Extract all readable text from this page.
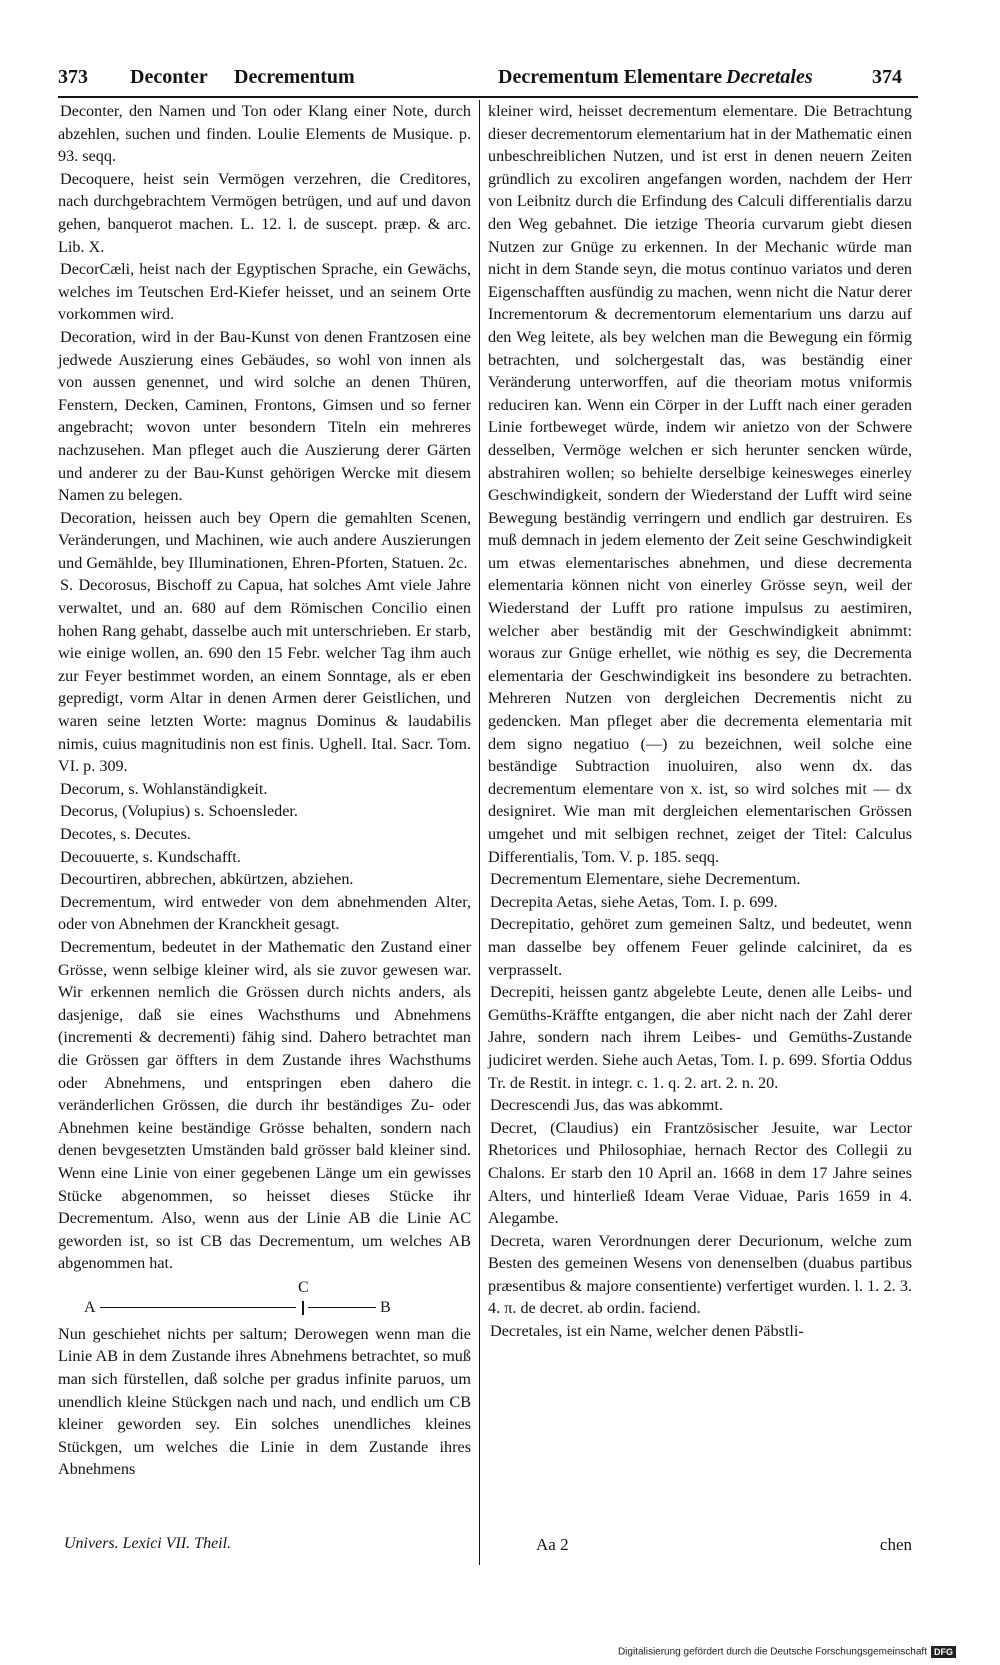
373 Deconter Decrementum	Decrementum Elementare Decretales	374

Deconter, den Namen und Ton oder Klang einer Note, durch abzehlen, suchen und finden. Loulie Elements de Musique. p. 93. seqq.

Decoquere, heist sein Vermögen verzehren, die Creditores, nach durchgebrachtem Vermögen betrügen, und auf und davon gehen, banquerot machen. L. 12. l. de suscept. præp. & arc. Lib. X.

DecorCæli, heist nach der Egyptischen Sprache, ein Gewächs, welches im Teutschen Erd-Kiefer heisset, und an seinem Orte vorkommen wird.

Decoration, wird in der Bau-Kunst von denen Frantzosen eine jedwede Auszierung eines Gebäudes, so wohl von innen als von aussen genennet, und wird solche an denen Thüren, Fenstern, Decken, Caminen, Frontons, Gimsen und so ferner angebracht; wovon unter besondern Titeln ein mehreres nachzusehen. Man pfleget auch die Auszierung derer Gärten und anderer zu der Bau-Kunst gehörigen Wercke mit diesem Namen zu belegen.

Decoration, heissen auch bey Opern die gemahlten Scenen, Veränderungen, und Machinen, wie auch andere Auszierungen und Gemählde, bey Illuminationen, Ehren-Pforten, Statuen. 2c.

S. Decorosus, Bischoff zu Capua, hat solches Amt viele Jahre verwaltet, und an. 680 auf dem Römischen Concilio einen hohen Rang gehabt, dasselbe auch mit unterschrieben. Er starb, wie einige wollen, an. 690 den 15 Febr. welcher Tag ihm auch zur Feyer bestimmet worden, an einem Sonntage, als er eben gepredigt, vorm Altar in denen Armen derer Geistlichen, und waren seine letzten Worte: magnus Dominus & laudabilis nimis, cuius magnitudinis non est finis. Ughell. Ital. Sacr. Tom. VI. p. 309.

Decorum, s. Wohlanständigkeit.

Decorus, (Volupius) s. Schoensleder.

Decotes, s. Decutes.

Decouuerte, s. Kundschafft.

Decourtiren, abbrechen, abkürtzen, abziehen.

Decrementum, wird entweder von dem abnehmenden Alter, oder von Abnehmen der Kranckheit gesagt.

Decrementum, bedeutet in der Mathematic den Zustand einer Grösse, wenn selbige kleiner wird, als sie zuvor gewesen war. Wir erkennen nemlich die Grössen durch nichts anders, als dasjenige, daß sie eines Wachsthums und Abnehmens (incrementi & decrementi) fähig sind. Dahero betrachtet man die Grössen gar öffters in dem Zustande ihres Wachsthums oder Abnehmens, und entspringen eben dahero die veränderlichen Grössen, die durch ihr beständiges Zu- oder Abnehmen keine beständige Grösse behalten, sondern nach denen bevgesetzten Umständen bald grösser bald kleiner sind. Wenn eine Linie von einer gegebenen Länge um ein gewisses Stücke abgenommen, so heisset dieses Stücke ihr Decrementum. Also, wenn aus der Linie AB die Linie AC geworden ist, so ist CB das Decrementum, um welches AB abgenommen hat.

C
A	B

Nun geschiehet nichts per saltum; Derowegen wenn man die Linie AB in dem Zustande ihres Abnehmens betrachtet, so muß man sich fürstellen, daß solche per gradus infinite paruos, um unendlich kleine Stückgen nach und nach, und endlich um CB kleiner geworden sey. Ein solches unendliches kleines Stückgen, um welches die Linie in dem Zustande ihres Abnehmens

kleiner wird, heisset decrementum elementare. Die Betrachtung dieser decrementorum elementarium hat in der Mathematic einen unbeschreiblichen Nutzen, und ist erst in denen neuern Zeiten gründlich zu excoliren angefangen worden, nachdem der Herr von Leibnitz durch die Erfindung des Calculi differentialis darzu den Weg gebahnet. Die ietzige Theoria curvarum giebt diesen Nutzen zur Gnüge zu erkennen. In der Mechanic würde man nicht in dem Stande seyn, die motus continuo variatos und deren Eigenschafften ausfündig zu machen, wenn nicht die Natur derer Incrementorum & decrementorum elementarium uns darzu auf den Weg leitete, als bey welchen man die Bewegung ein förmig betrachten, und solchergestalt das, was beständig einer Veränderung unterworffen, auf die theoriam motus vniformis reduciren kan. Wenn ein Cörper in der Lufft nach einer geraden Linie fortbeweget würde, indem wir anietzo von der Schwere desselben, Vermöge welchen er sich herunter sencken würde, abstrahiren wollen; so behielte derselbige keinesweges einerley Geschwindigkeit, sondern der Wiederstand der Lufft wird seine Bewegung beständig verringern und endlich gar destruiren. Es muß demnach in jedem elemento der Zeit seine Geschwindigkeit um etwas elementarisches abnehmen, und diese decrementa elementaria können nicht von einerley Grösse seyn, weil der Wiederstand der Lufft pro ratione impulsus zu aestimiren, welcher aber beständig mit der Geschwindigkeit abnimmt: woraus zur Gnüge erhellet, wie nöthig es sey, die Decrementa elementaria der Geschwindigkeit ins besondere zu betrachten. Mehreren Nutzen von dergleichen Decrementis nicht zu gedencken. Man pfleget aber die decrementa elementaria mit dem signo negatiuo (—) zu bezeichnen, weil solche eine beständige Subtraction inuoluiren, also wenn dx. das decrementum elementare von x. ist, so wird solches mit — dx designiret. Wie man mit dergleichen elementarischen Grössen umgehet und mit selbigen rechnet, zeiget der Titel: Calculus Differentialis, Tom. V. p. 185. seqq.

Decrementum Elementare, siehe Decrementum.

Decrepita Aetas, siehe Aetas, Tom. I. p. 699.

Decrepitatio, gehöret zum gemeinen Saltz, und bedeutet, wenn man dasselbe bey offenem Feuer gelinde calciniret, da es verprasselt.

Decrepiti, heissen gantz abgelebte Leute, denen alle Leibs- und Gemüths-Kräffte entgangen, die aber nicht nach der Zahl derer Jahre, sondern nach ihrem Leibes- und Gemüths-Zustande judiciret werden. Siehe auch Aetas, Tom. I. p. 699. Sfortia Oddus Tr. de Restit. in integr. c. 1. q. 2. art. 2. n. 20.

Decrescendi Jus, das was abkommt.

Decret, (Claudius) ein Frantzösischer Jesuite, war Lector Rhetorices und Philosophiae, hernach Rector des Collegii zu Chalons. Er starb den 10 April an. 1668 in dem 17 Jahre seines Alters, und hinterließ Ideam Verae Viduae, Paris 1659 in 4. Alegambe.

Decreta, waren Verordnungen derer Decurionum, welche zum Besten des gemeinen Wesens von denenselben (duabus partibus præsentibus & majore consentiente) verfertiget wurden. l. 1. 2. 3. 4. π. de decret. ab ordin. faciend.

Decretales, ist ein Name, welcher denen Päbstli-

Univers. Lexici VII. Theil.	Aa 2	chen
Digitalisierung gefördert durch die Deutsche Forschungsgemeinschaft DFG
